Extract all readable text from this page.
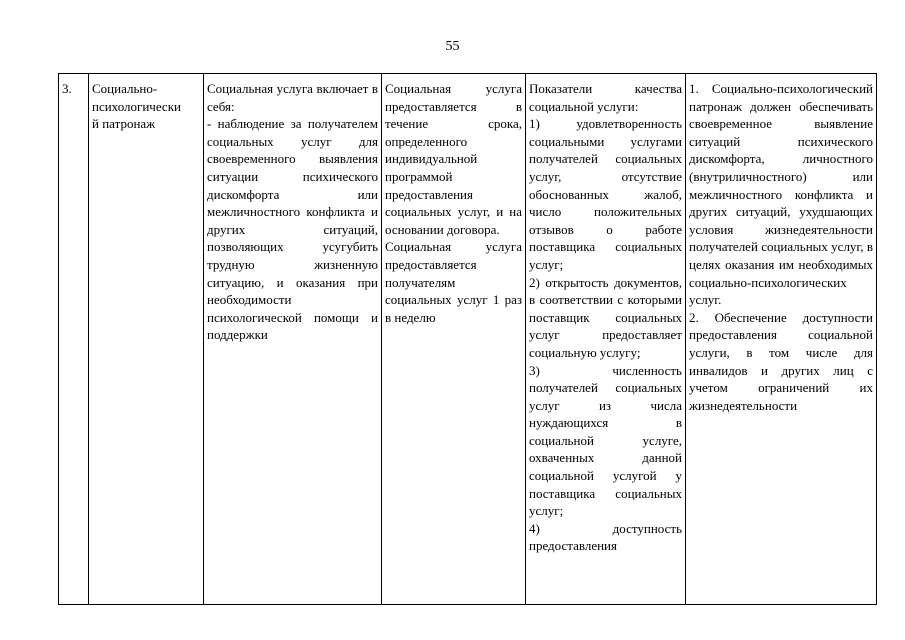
55
3.	Социально-
психологически
й патронаж

Социальная услуга включает в себя:
- наблюдение за получателем социальных услуг для своевременного выявления ситуации психического дискомфорта или межличностного конфликта и других ситуаций, позволяющих усугубить трудную жизненную ситуацию, и оказания при необходимости психологической помощи и поддержки

Социальная услуга предоставляется в течение срока, определенного индивидуальной программой предоставления социальных услуг, и на основании договора.
Социальная услуга предоставляется получателям социальных услуг 1 раз в неделю

Показатели качества социальной услуги:
1) удовлетворенность социальными услугами получателей социальных услуг, отсутствие обоснованных жалоб, число положительных отзывов о работе поставщика социальных услуг;
2) открытость документов, в соответствии с которыми поставщик социальных услуг предоставляет социальную услугу;
3) численность получателей социальных услуг из числа нуждающихся в социальной услуге, охваченных данной социальной услугой у поставщика социальных услуг;
4) доступность предоставления

1. Социально-психологический патронаж должен обеспечивать своевременное выявление ситуаций психического дискомфорта, личностного (внутриличностного) или межличностного конфликта и других ситуаций, ухудшающих условия жизнедеятельности получателей социальных услуг, в целях оказания им необходимых социально-психологических услуг.
2. Обеспечение доступности предоставления социальной услуги, в том числе для инвалидов и других лиц с учетом ограничений их жизнедеятельности
